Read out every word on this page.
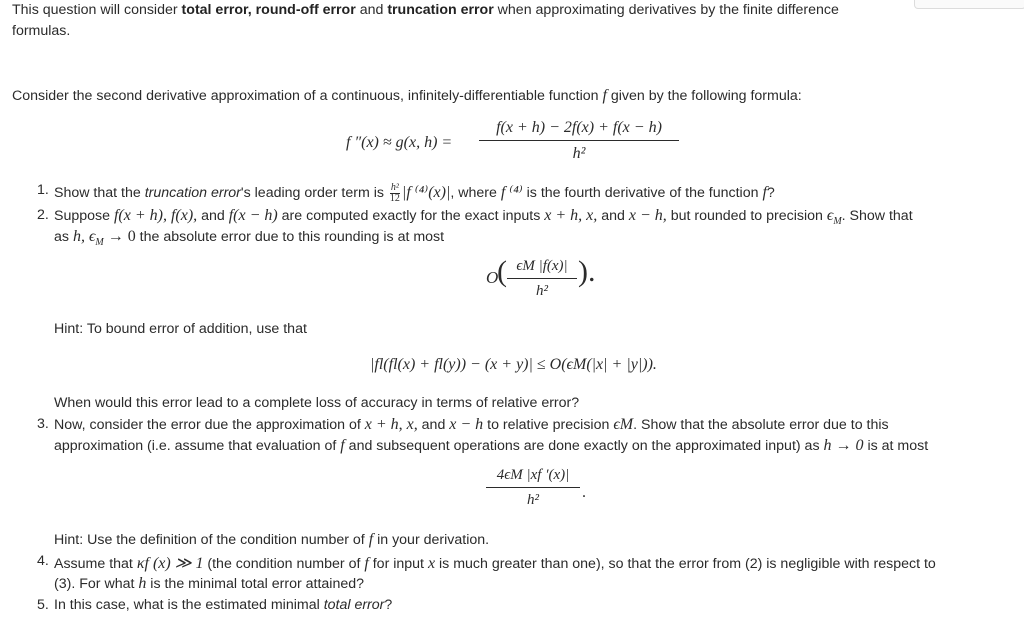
This question will consider total error, round-off error and truncation error when approximating derivatives by the finite difference
formulas.
Consider the second derivative approximation of a continuous, infinitely-differentiable function f given by the following formula:
f ″(x) ≈ g(x, h) =
f(x + h) − 2f(x) + f(x − h)
h²
1. Show that the truncation error's leading order term is $\frac{\text{h²}}{12} |f$ ⁽⁴⁾(x)|, where f ⁽⁴⁾ is the fourth derivative of the function f?
2. Suppose f(x + h), f(x), and f(x − h) are computed exactly for the exact inputs x + h, x, and x − h, but rounded to precision $\epsilon_M$. Show that
as h, $\epsilon_M \to 0$ the absolute error due to this rounding is at most
O
( ϵM |f(x)|
h²
).
Hint: To bound error of addition, use that
|fl(fl(x) + fl(y)) − (x + y)| ≤ O(ϵM(|x| + |y|)).
When would this error lead to a complete loss of accuracy in terms of relative error?
3. Now, consider the error due the approximation of x + h, x, and x − h to relative precision ϵM. Show that the absolute error due to this
approximation (i.e. assume that evaluation of f and subsequent operations are done exactly on the approximated input) as h → 0 is at most
4ϵM |xf ′(x)|
h²	.
Hint: Use the definition of the condition number of f in your derivation.
4. Assume that κf (x) ≫ 1 (the condition number of f for input x is much greater than one), so that the error from (2) is negligible with respect to
(3). For what h is the minimal total error attained?
5. In this case, what is the estimated minimal total error?
